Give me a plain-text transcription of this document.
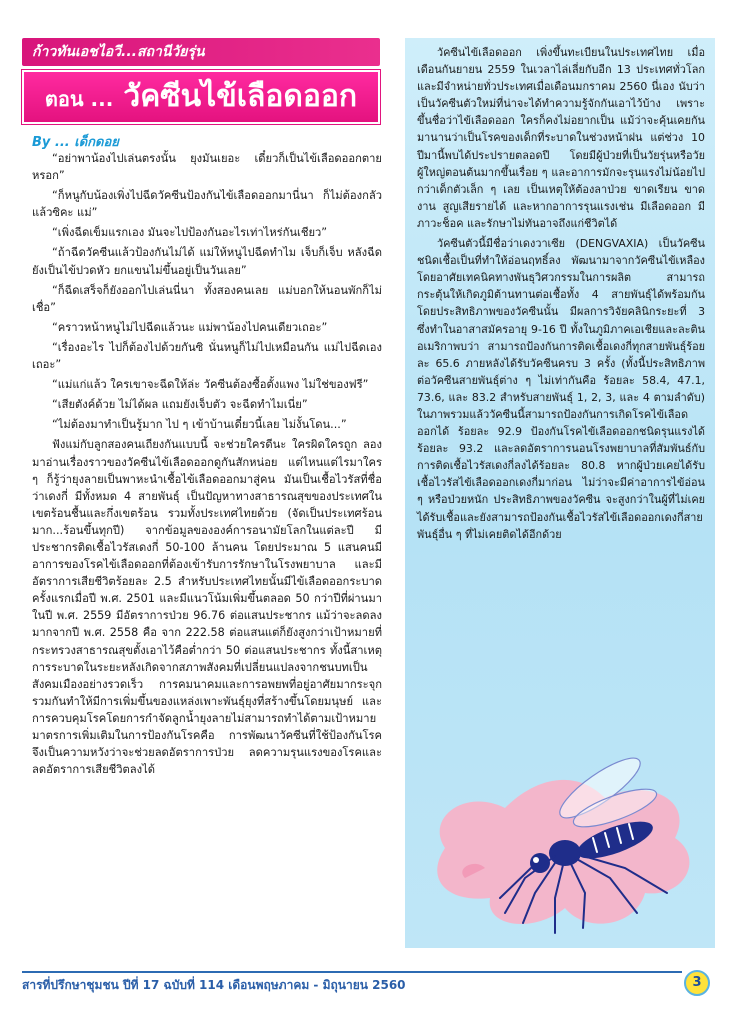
ก้าวทันเอชไอวี...สถานีวัยรุ่น
ตอน ... วัคซีนไข้เลือดออก
By ... เด็กดอย

“อย่าพาน้องไปเล่นตรงนั้น ยุงมันเยอะ เดี๋ยวก็เป็นไข้เลือดออกตายหรอก”

“ก็หนูกับน้องเพิ่งไปฉีดวัคซีนป้องกันไข้เลือดออกมานี่นา ก็ไม่ต้องกลัวแล้วซิคะ แม่”

“เพิ่งฉีดเข็มแรกเอง มันจะไปป้องกันอะไรเท่าไหร่กันเชียว”

“ถ้าฉีดวัคซีนแล้วป้องกันไม่ได้ แม่ให้หนูไปฉีดทำไม เจ็บก็เจ็บ หลังฉีดยังเป็นไข้ปวดหัว ยกแขนไม่ขึ้นอยู่เป็นวันเลย”

“ก็ฉีดเสร็จก็ยังออกไปเล่นนี่นา ทั้งสองคนเลย แม่บอกให้นอนพักก็ไม่เชื่อ”

“คราวหน้าหนูไม่ไปฉีดแล้วนะ แม่พาน้องไปคนเดียวเถอะ”

“เรื่องอะไร ไปก็ต้องไปด้วยกันซิ นั่นหนูก็ไม่ไปเหมือนกัน แม่ไปฉีดเองเถอะ”

“แม่แก่แล้ว ใครเขาจะฉีดให้ล่ะ วัคซีนต้องซื้อตั้งแพง ไม่ใช่ของฟรี”

“เสียตังค์ด้วย ไม่ได้ผล แถมยังเจ็บตัว จะฉีดทำไมเนี่ย”

“ไม่ต้องมาทำเป็นรู้มาก ไป ๆ เข้าบ้านเดี๋ยวนี้เลย ไม่งั้นโดน...”

ฟังแม่กับลูกสองคนเถียงกันแบบนี้ จะช่วยใครดีนะ ใครผิดใครถูก ลองมาอ่านเรื่องราวของวัคซีนไข้เลือดออกดูกันสักหน่อย แต่ไหนแต่ไรมาใคร ๆ ก็รู้ว่ายุงลายเป็นพาหะนำเชื้อไข้เลือดออกมาสู่คน มันเป็นเชื้อไวรัสที่ชื่อว่าเดงกี่ มีทั้งหมด 4 สายพันธุ์ เป็นปัญหาทางสาธารณสุขของประเทศในเขตร้อนชื้นและกึ่งเขตร้อน รวมทั้งประเทศไทยด้วย (จัดเป็นประเทศร้อนมาก...ร้อนขึ้นทุกปี) จากข้อมูลขององค์การอนามัยโลกในแต่ละปี มีประชากรติดเชื้อไวรัสเดงกี่ 50-100 ล้านคน โดยประมาณ 5 แสนคนมีอาการของโรคไข้เลือดออกที่ต้องเข้ารับการรักษาในโรงพยาบาล และมีอัตราการเสียชีวิตร้อยละ 2.5 สำหรับประเทศไทยนั้นมีไข้เลือดออกระบาดครั้งแรกเมื่อปี พ.ศ. 2501 และมีแนวโน้มเพิ่มขึ้นตลอด 50 กว่าปีที่ผ่านมา ในปี พ.ศ. 2559 มีอัตราการป่วย 96.76 ต่อแสนประชากร แม้ว่าจะลดลงมากจากปี พ.ศ. 2558 คือ จาก 222.58 ต่อแสนแต่ก็ยังสูงกว่าเป้าหมายที่กระทรวงสาธารณสุขตั้งเอาไว้คือต่ำกว่า 50 ต่อแสนประชากร ทั้งนี้สาเหตุการระบาดในระยะหลังเกิดจากสภาพสังคมที่เปลี่ยนแปลงจากชนบทเป็นสังคมเมืองอย่างรวดเร็ว การคมนาคมและการอพยพที่อยู่อาศัยมากระจุกรวมกันทำให้มีการเพิ่มขึ้นของแหล่งเพาะพันธุ์ยุงที่สร้างขึ้นโดยมนุษย์ และการควบคุมโรคโดยการกำจัดลูกน้ำยุงลายไม่สามารถทำได้ตามเป้าหมาย มาตรการเพิ่มเติมในการป้องกันโรคคือ การพัฒนาวัคซีนที่ใช้ป้องกันโรค จึงเป็นความหวังว่าจะช่วยลดอัตราการป่วย ลดความรุนแรงของโรคและลดอัตราการเสียชีวิตลงได้

วัคซีนไข้เลือดออก เพิ่งขึ้นทะเบียนในประเทศไทย เมื่อเดือนกันยายน 2559 ในเวลาไล่เลี่ยกับอีก 13 ประเทศทั่วโลกและมีจำหน่ายทั่วประเทศเมื่อเดือนมกราคม 2560 นี่เอง นับว่าเป็นวัคซีนตัวใหม่ที่น่าจะได้ทำความรู้จักกันเอาไว้บ้าง เพราะขึ้นชื่อว่าไข้เลือดออก ใครก็คงไม่อยากเป็น แม้ว่าจะคุ้นเคยกันมานานว่าเป็นโรคของเด็กที่ระบาดในช่วงหน้าฝน แต่ช่วง 10 ปีมานี้พบได้ประปรายตลอดปี โดยมีผู้ป่วยที่เป็นวัยรุ่นหรือวัยผู้ใหญ่ตอนต้นมากขึ้นเรื่อย ๆ และอาการมักจะรุนแรงไม่น้อยไปกว่าเด็กตัวเล็ก ๆ เลย เป็นเหตุให้ต้องลาป่วย ขาดเรียน ขาดงาน สูญเสียรายได้ และหากอาการรุนแรงเช่น มีเลือดออก มีภาวะช็อค และรักษาไม่ทันอาจถึงแก่ชีวิตได้

วัคซีนตัวนี้มีชื่อว่าเดงวาเซีย (DENGVAXIA) เป็นวัคซีนชนิดเชื้อเป็นที่ทำให้อ่อนฤทธิ์ลง พัฒนามาจากวัคซีนไข้เหลืองโดยอาศัยเทคนิคทางพันธุวิศวกรรมในการผลิต สามารถกระตุ้นให้เกิดภูมิต้านทานต่อเชื้อทั้ง 4 สายพันธุ์ได้พร้อมกัน โดยประสิทธิภาพของวัคซีนนั้น มีผลการวิจัยคลินิกระยะที่ 3 ซึ่งทำในอาสาสมัครอายุ 9-16 ปี ทั้งในภูมิภาคเอเชียและละตินอเมริกาพบว่า สามารถป้องกันการติดเชื้อเดงกี่ทุกสายพันธุ์ร้อยละ 65.6 ภายหลังได้รับวัคซีนครบ 3 ครั้ง (ทั้งนี้ประสิทธิภาพต่อวัคซีนสายพันธุ์ต่าง ๆ ไม่เท่ากันคือ ร้อยละ 58.4, 47.1, 73.6, และ 83.2 สำหรับสายพันธุ์ 1, 2, 3, และ 4 ตามลำดับ) ในภาพรวมแล้ววัคซีนนี้สามารถป้องกันการเกิดโรคไข้เลือดออกได้ ร้อยละ 92.9 ป้องกันโรคไข้เลือดออกชนิดรุนแรงได้ร้อยละ 93.2 และลดอัตราการนอนโรงพยาบาลที่สัมพันธ์กับการติดเชื้อไวรัสเดงกี่ลงได้ร้อยละ 80.8 หากผู้ป่วยเคยได้รับเชื้อไวรัสไข้เลือดออกเดงกี่มาก่อน ไม่ว่าจะมีค่าอาการไข้อ่อน ๆ หรือป่วยหนัก ประสิทธิภาพของวัคซีน จะสูงกว่าในผู้ที่ไม่เคยได้รับเชื้อและยังสามารถป้องกันเชื้อไวรัสไข้เลือดออกเดงกี่สายพันธุ์อื่น ๆ ที่ไม่เคยติดได้อีกด้วย

สารที่ปรึกษาชุมชน ปีที่ 17 ฉบับที่ 114 เดือนพฤษภาคม - มิถุนายน 2560	3
